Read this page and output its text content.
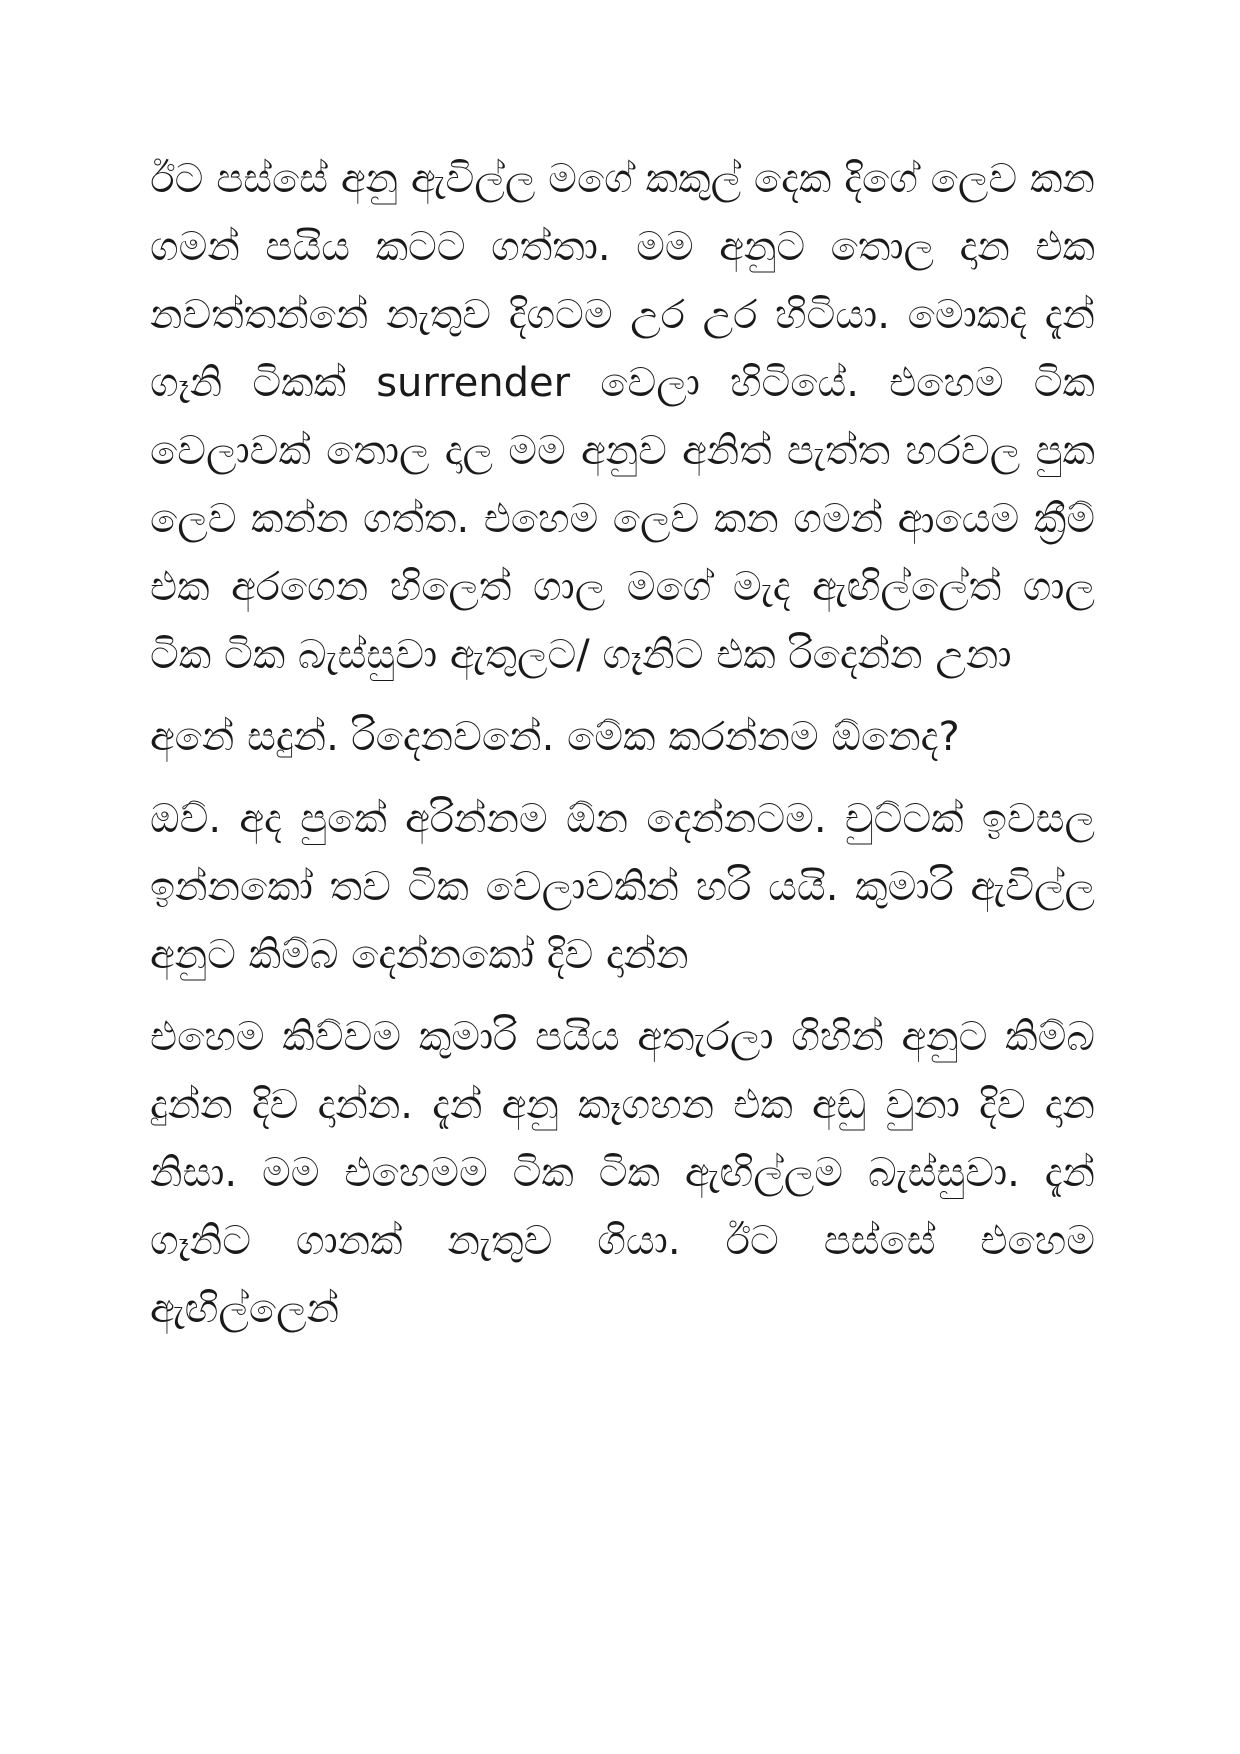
ඊට පස්සේ අනු ඇවිල්ල මගේ කකුල් දෙක දිගේ ලෙව කන ගමන් පයිය කටට ගත්තා. මම අනුට තොල දාන එක නවත්තන්නේ නැතුව දිගටම උර උර හිටියා. මොකද දැන් ගෑනි ටිකක් surrender වෙලා හිටියේ. එහෙම ටික වෙලාවක් තොල දාල මම අනුව අනිත් පැත්ත හරවල පුක ලෙව කන්න ගත්ත. එහෙම ලෙව කන ගමන් ආයෙම ක්‍රීම් එක අරගෙන හිලෙත් ගාල මගේ මැද ඇඟිල්ලේත් ගාල ටික ටික බැස්සුවා ඇතුලට/ ගෑනිට එක රිදෙන්න උනා

අනේ සදුන්. රිදෙනවනේ. මේක කරන්නම ඕනෙද?

ඔව්. අද පුකේ අරින්නම ඕන දෙන්නටම. චුට්ටක් ඉවසල ඉන්නකෝ තව ටික වෙලාවකින් හරි යයි. කුමාරි ඇවිල්ල අනුට කිම්බ දෙන්නකෝ දිව දාන්න

එහෙම කිව්වම කුමාරි පයිය අතැරලා ගිහින් අනුට කිම්බ දුන්න දිව දාන්න. දැන් අනු කෑගහන එක අඩු වුනා දිව දාන නිසා. මම එහෙමම ටික ටික ඇඟිල්ලම බැස්සුවා. දැන් ගෑනිට ගානක් නැතුව ගියා. ඊට පස්සේ එහෙම ඇඟිල්ලෙන්
